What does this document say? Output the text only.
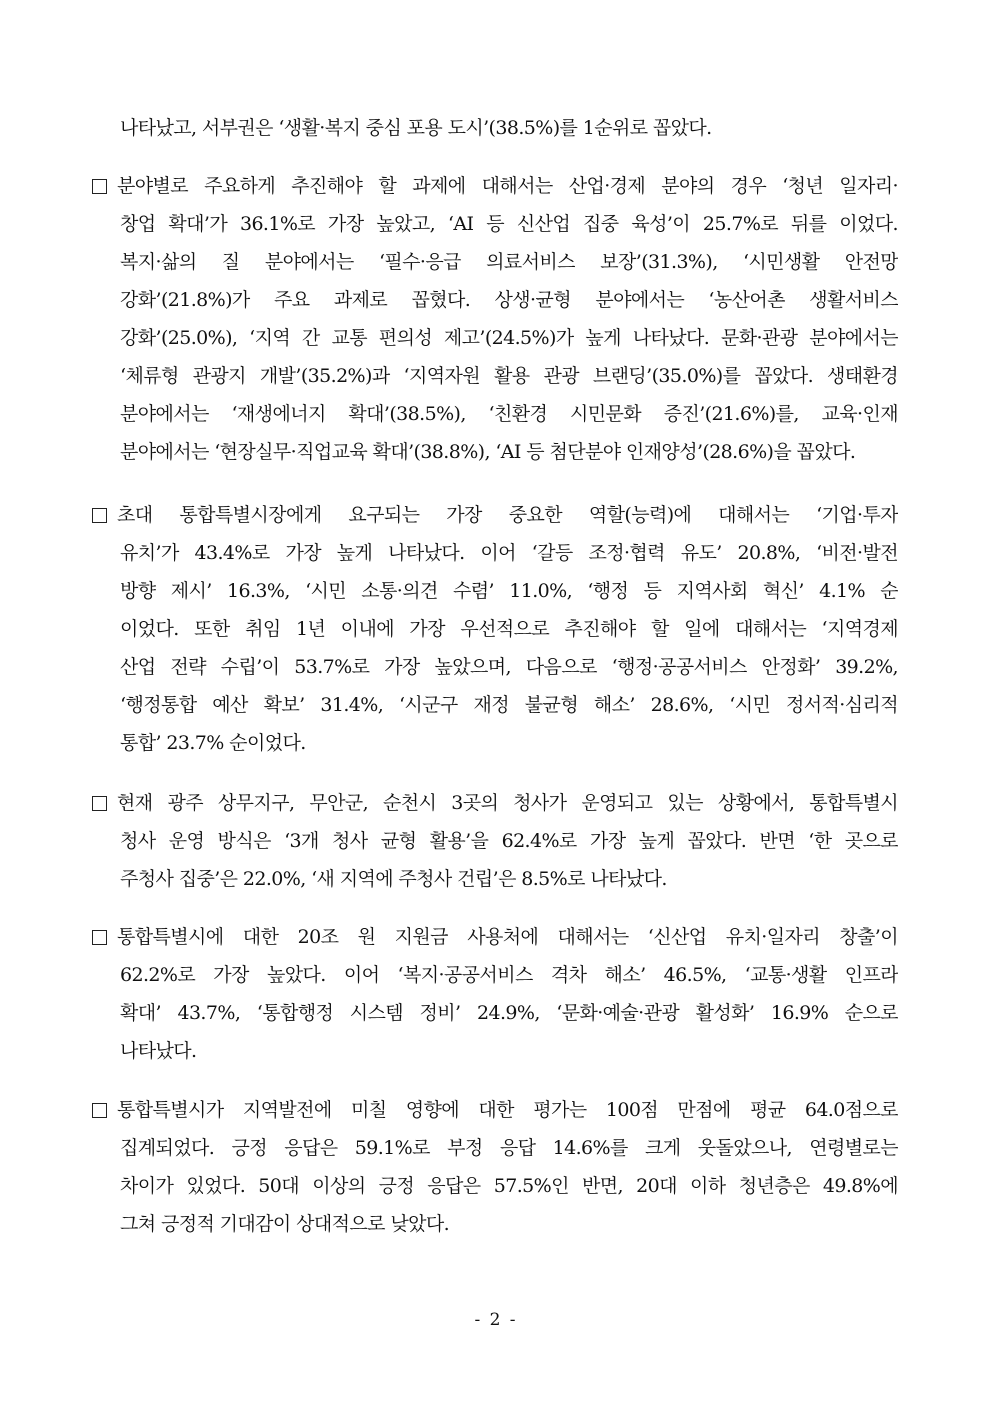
나타났고, 서부권은 ‘생활·복지 중심 포용 도시’(38.5%)를 1순위로 꼽았다.
분야별로 주요하게 추진해야 할 과제에 대해서는 산업·경제 분야의 경우 ‘청년 일자리·
창업 확대’가 36.1%로 가장 높았고, ‘AI 등 신산업 집중 육성’이 25.7%로 뒤를 이었다.
복지·삶의 질 분야에서는 ‘필수·응급 의료서비스 보장’(31.3%), ‘시민생활 안전망
강화’(21.8%)가 주요 과제로 꼽혔다. 상생·균형 분야에서는 ‘농산어촌 생활서비스
강화’(25.0%), ‘지역 간 교통 편의성 제고’(24.5%)가 높게 나타났다. 문화·관광 분야에서는
‘체류형 관광지 개발’(35.2%)과 ‘지역자원 활용 관광 브랜딩’(35.0%)를 꼽았다. 생태환경
분야에서는 ‘재생에너지 확대’(38.5%), ‘친환경 시민문화 증진’(21.6%)를, 교육·인재
분야에서는 ‘현장실무·직업교육 확대’(38.8%), ‘AI 등 첨단분야 인재양성’(28.6%)을 꼽았다.
초대 통합특별시장에게 요구되는 가장 중요한 역할(능력)에 대해서는 ‘기업·투자
유치’가 43.4%로 가장 높게 나타났다. 이어 ‘갈등 조정·협력 유도’ 20.8%, ‘비전·발전
방향 제시’ 16.3%, ‘시민 소통·의견 수렴’ 11.0%, ‘행정 등 지역사회 혁신’ 4.1% 순
이었다. 또한 취임 1년 이내에 가장 우선적으로 추진해야 할 일에 대해서는 ‘지역경제
산업 전략 수립’이 53.7%로 가장 높았으며, 다음으로 ‘행정·공공서비스 안정화’ 39.2%,
‘행정통합 예산 확보’ 31.4%, ‘시군구 재정 불균형 해소’ 28.6%, ‘시민 정서적·심리적
통합’ 23.7% 순이었다.
현재 광주 상무지구, 무안군, 순천시 3곳의 청사가 운영되고 있는 상황에서, 통합특별시
청사 운영 방식은 ‘3개 청사 균형 활용’을 62.4%로 가장 높게 꼽았다. 반면 ‘한 곳으로
주청사 집중’은 22.0%, ‘새 지역에 주청사 건립’은 8.5%로 나타났다.
통합특별시에 대한 20조 원 지원금 사용처에 대해서는 ‘신산업 유치·일자리 창출’이
62.2%로 가장 높았다. 이어 ‘복지·공공서비스 격차 해소’ 46.5%, ‘교통·생활 인프라
확대’ 43.7%, ‘통합행정 시스템 정비’ 24.9%, ‘문화·예술·관광 활성화’ 16.9% 순으로
나타났다.
통합특별시가 지역발전에 미칠 영향에 대한 평가는 100점 만점에 평균 64.0점으로
집계되었다. 긍정 응답은 59.1%로 부정 응답 14.6%를 크게 웃돌았으나, 연령별로는
차이가 있었다. 50대 이상의 긍정 응답은 57.5%인 반면, 20대 이하 청년층은 49.8%에
그쳐 긍정적 기대감이 상대적으로 낮았다.
- 2 -
